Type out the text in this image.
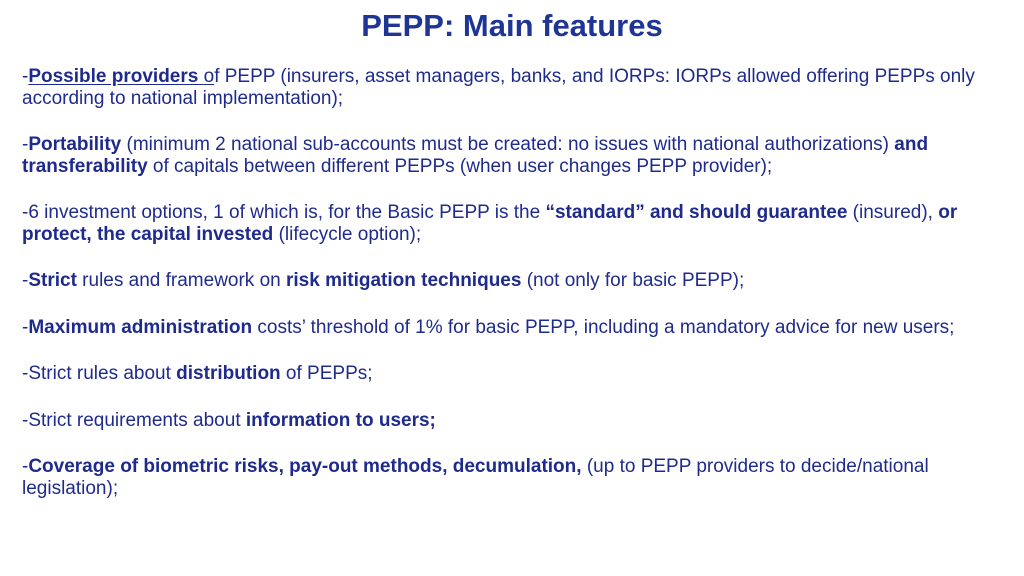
PEPP: Main features

-Possible providers of PEPP (insurers, asset managers, banks, and IORPs: IORPs allowed offering PEPPs only according to national implementation);

-Portability (minimum 2 national sub-accounts must be created: no issues with national authorizations) and transferability of capitals between different PEPPs (when user changes PEPP provider);

-6 investment options, 1 of which is, for the Basic PEPP is the “standard” and should guarantee (insured), or protect, the capital invested (lifecycle option);

-Strict rules and framework on risk mitigation techniques (not only for basic PEPP);

-Maximum administration costs’ threshold of 1% for basic PEPP, including a mandatory advice for new users;

-Strict rules about distribution of PEPPs;

-Strict requirements about information to users;

-Coverage of biometric risks, pay-out methods, decumulation, (up to PEPP providers to decide/national legislation);
